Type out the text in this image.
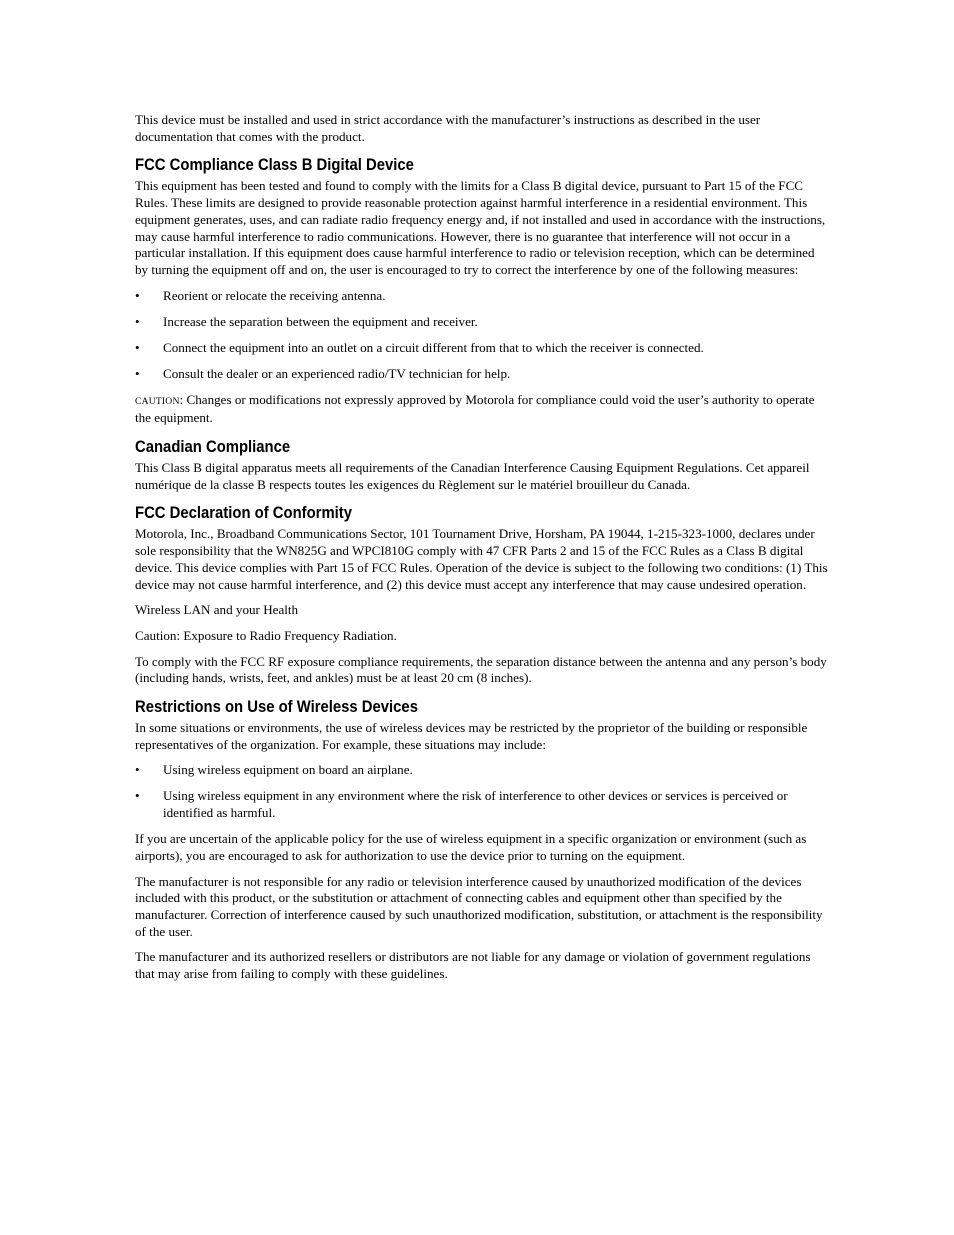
This device must be installed and used in strict accordance with the manufacturer’s instructions as described in the user documentation that comes with the product.

FCC Compliance Class B Digital Device

This equipment has been tested and found to comply with the limits for a Class B digital device, pursuant to Part 15 of the FCC Rules. These limits are designed to provide reasonable protection against harmful interference in a residential environment. This equipment generates, uses, and can radiate radio frequency energy and, if not installed and used in accordance with the instructions, may cause harmful interference to radio communications. However, there is no guarantee that interference will not occur in a particular installation. If this equipment does cause harmful interference to radio or television reception, which can be determined by turning the equipment off and on, the user is encouraged to try to correct the interference by one of the following measures:

• Reorient or relocate the receiving antenna.
• Increase the separation between the equipment and receiver.
• Connect the equipment into an outlet on a circuit different from that to which the receiver is connected.
• Consult the dealer or an experienced radio/TV technician for help.

CAUTION: Changes or modifications not expressly approved by Motorola for compliance could void the user’s authority to operate the equipment.

Canadian Compliance

This Class B digital apparatus meets all requirements of the Canadian Interference Causing Equipment Regulations. Cet appareil numérique de la classe B respects toutes les exigences du Règlement sur le matériel brouilleur du Canada.

FCC Declaration of Conformity

Motorola, Inc., Broadband Communications Sector, 101 Tournament Drive, Horsham, PA 19044, 1-215-323-1000, declares under sole responsibility that the WN825G and WPCI810G comply with 47 CFR Parts 2 and 15 of the FCC Rules as a Class B digital device. This device complies with Part 15 of FCC Rules. Operation of the device is subject to the following two conditions: (1) This device may not cause harmful interference, and (2) this device must accept any interference that may cause undesired operation.

Wireless LAN and your Health

Caution: Exposure to Radio Frequency Radiation.

To comply with the FCC RF exposure compliance requirements, the separation distance between the antenna and any person’s body (including hands, wrists, feet, and ankles) must be at least 20 cm (8 inches).

Restrictions on Use of Wireless Devices

In some situations or environments, the use of wireless devices may be restricted by the proprietor of the building or responsible representatives of the organization. For example, these situations may include:

• Using wireless equipment on board an airplane.
• Using wireless equipment in any environment where the risk of interference to other devices or services is perceived or identified as harmful.

If you are uncertain of the applicable policy for the use of wireless equipment in a specific organization or environment (such as airports), you are encouraged to ask for authorization to use the device prior to turning on the equipment.

The manufacturer is not responsible for any radio or television interference caused by unauthorized modification of the devices included with this product, or the substitution or attachment of connecting cables and equipment other than specified by the manufacturer. Correction of interference caused by such unauthorized modification, substitution, or attachment is the responsibility of the user.

The manufacturer and its authorized resellers or distributors are not liable for any damage or violation of government regulations that may arise from failing to comply with these guidelines.
